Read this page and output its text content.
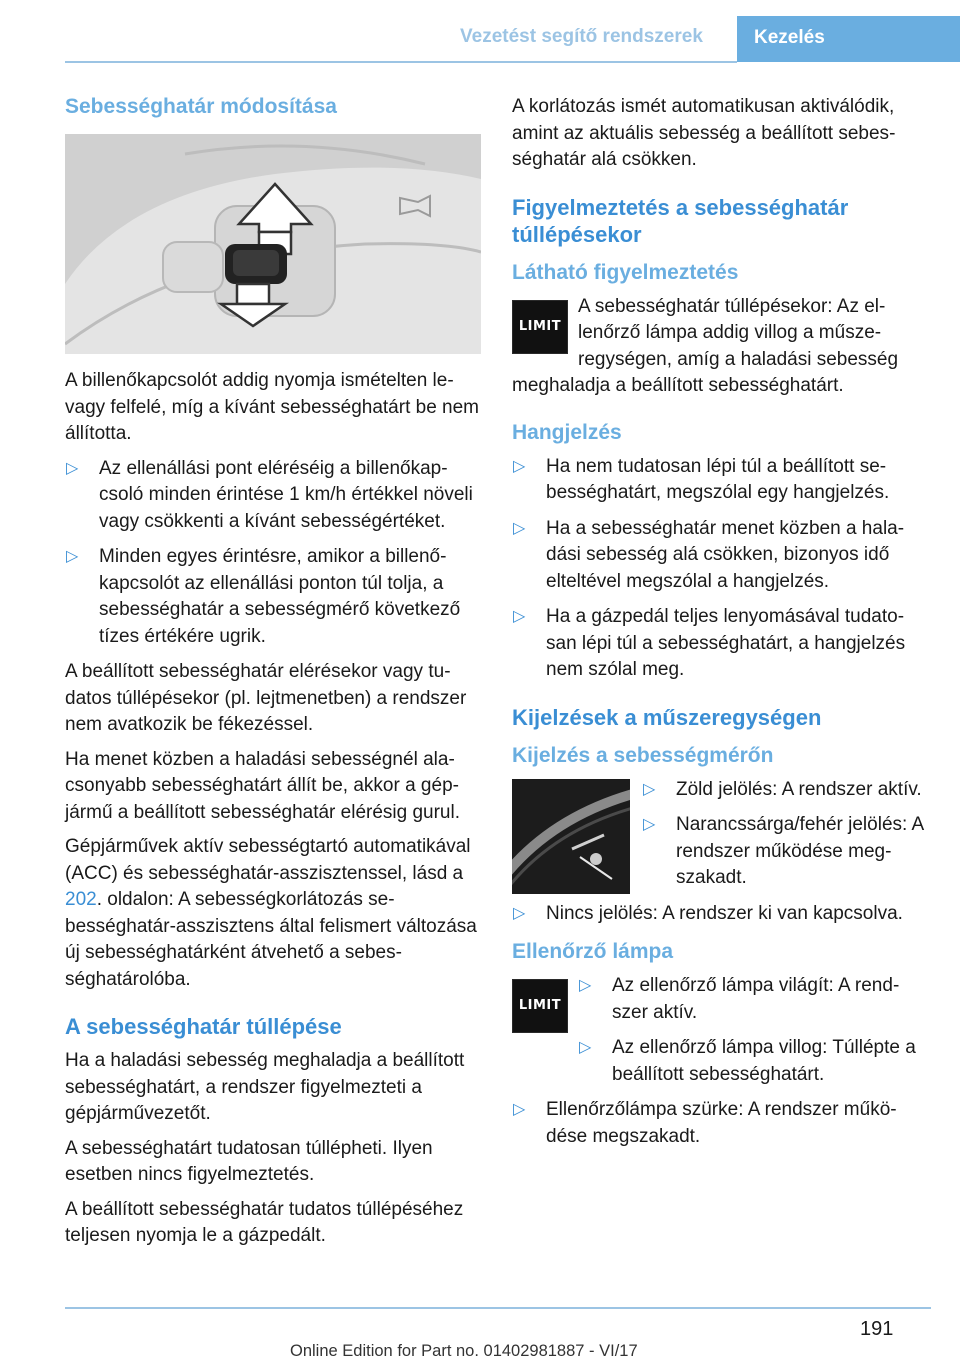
Vezetést segítő rendszerek	Kezelés
Sebességhatár módosítása

A billenőkapcsolót addig nyomja ismételten le- vagy felfelé, míg a kívánt sebességhatárt be nem állította.

▷ Az ellenállási pont eléréséig a billenőkapcsoló minden érintése 1 km/h értékkel növeli vagy csökkenti a kívánt sebességértéket.
▷ Minden egyes érintésre, amikor a billenőkapcsolót az ellenállási ponton túl tolja, a sebességhatár a sebességmérő következő tízes értékére ugrik.

A beállított sebességhatár elérésekor vagy tudatos túllépésekor (pl. lejtmenetben) a rendszer nem avatkozik be fékezéssel.

Ha menet közben a haladási sebességnél alacsonyabb sebességhatárt állít be, akkor a gépjármű a beállított sebességhatár elérésig gurul.

Gépjárművek aktív sebességtartó automatikával (ACC) és sebességhatár-asszisztenssel, lásd a 202. oldalon: A sebességkorlátozás sebességhatár-asszisztens által felismert változása új sebességhatárként átvehető a sebességhatárolóba.

A sebességhatár túllépése

Ha a haladási sebesség meghaladja a beállított sebességhatárt, a rendszer figyelmezteti a gépjárművezetőt.

A sebességhatárt tudatosan túllépheti. Ilyen esetben nincs figyelmeztetés.

A beállított sebességhatár tudatos túllépéséhez teljesen nyomja le a gázpedált.

A korlátozás ismét automatikusan aktiválódik, amint az aktuális sebesség a beállított sebességhatár alá csökken.

Figyelmeztetés a sebességhatár túllépésekor
Látható figyelmeztetés
LIMIT

A sebességhatár túllépésekor: Az ellenőrző lámpa addig villog a műszeregységen, amíg a haladási sebesség meghaladja a beállított sebességhatárt.

Hangjelzés
▷ Ha nem tudatosan lépi túl a beállított sebességhatárt, megszólal egy hangjelzés.
▷ Ha a sebességhatár menet közben a haladási sebesség alá csökken, bizonyos idő elteltével megszólal a hangjelzés.
▷ Ha a gázpedál teljes lenyomásával tudatosan lépi túl a sebességhatárt, a hangjelzés nem szólal meg.
Kijelzések a műszeregységen
Kijelzés a sebességmérőn
▷ Zöld jelölés: A rendszer aktív.
▷ Narancssárga/fehér jelölés: A rendszer működése megszakadt.
▷ Nincs jelölés: A rendszer ki van kapcsolva.
Ellenőrző lámpa
LIMIT
▷ Az ellenőrző lámpa világít: A rendszer aktív.
▷ Az ellenőrző lámpa villog: Túllépte a beállított sebességhatárt.
▷ Ellenőrzőlámpa szürke: A rendszer működése megszakadt.
191
Online Edition for Part no. 01402981887 - VI/17
